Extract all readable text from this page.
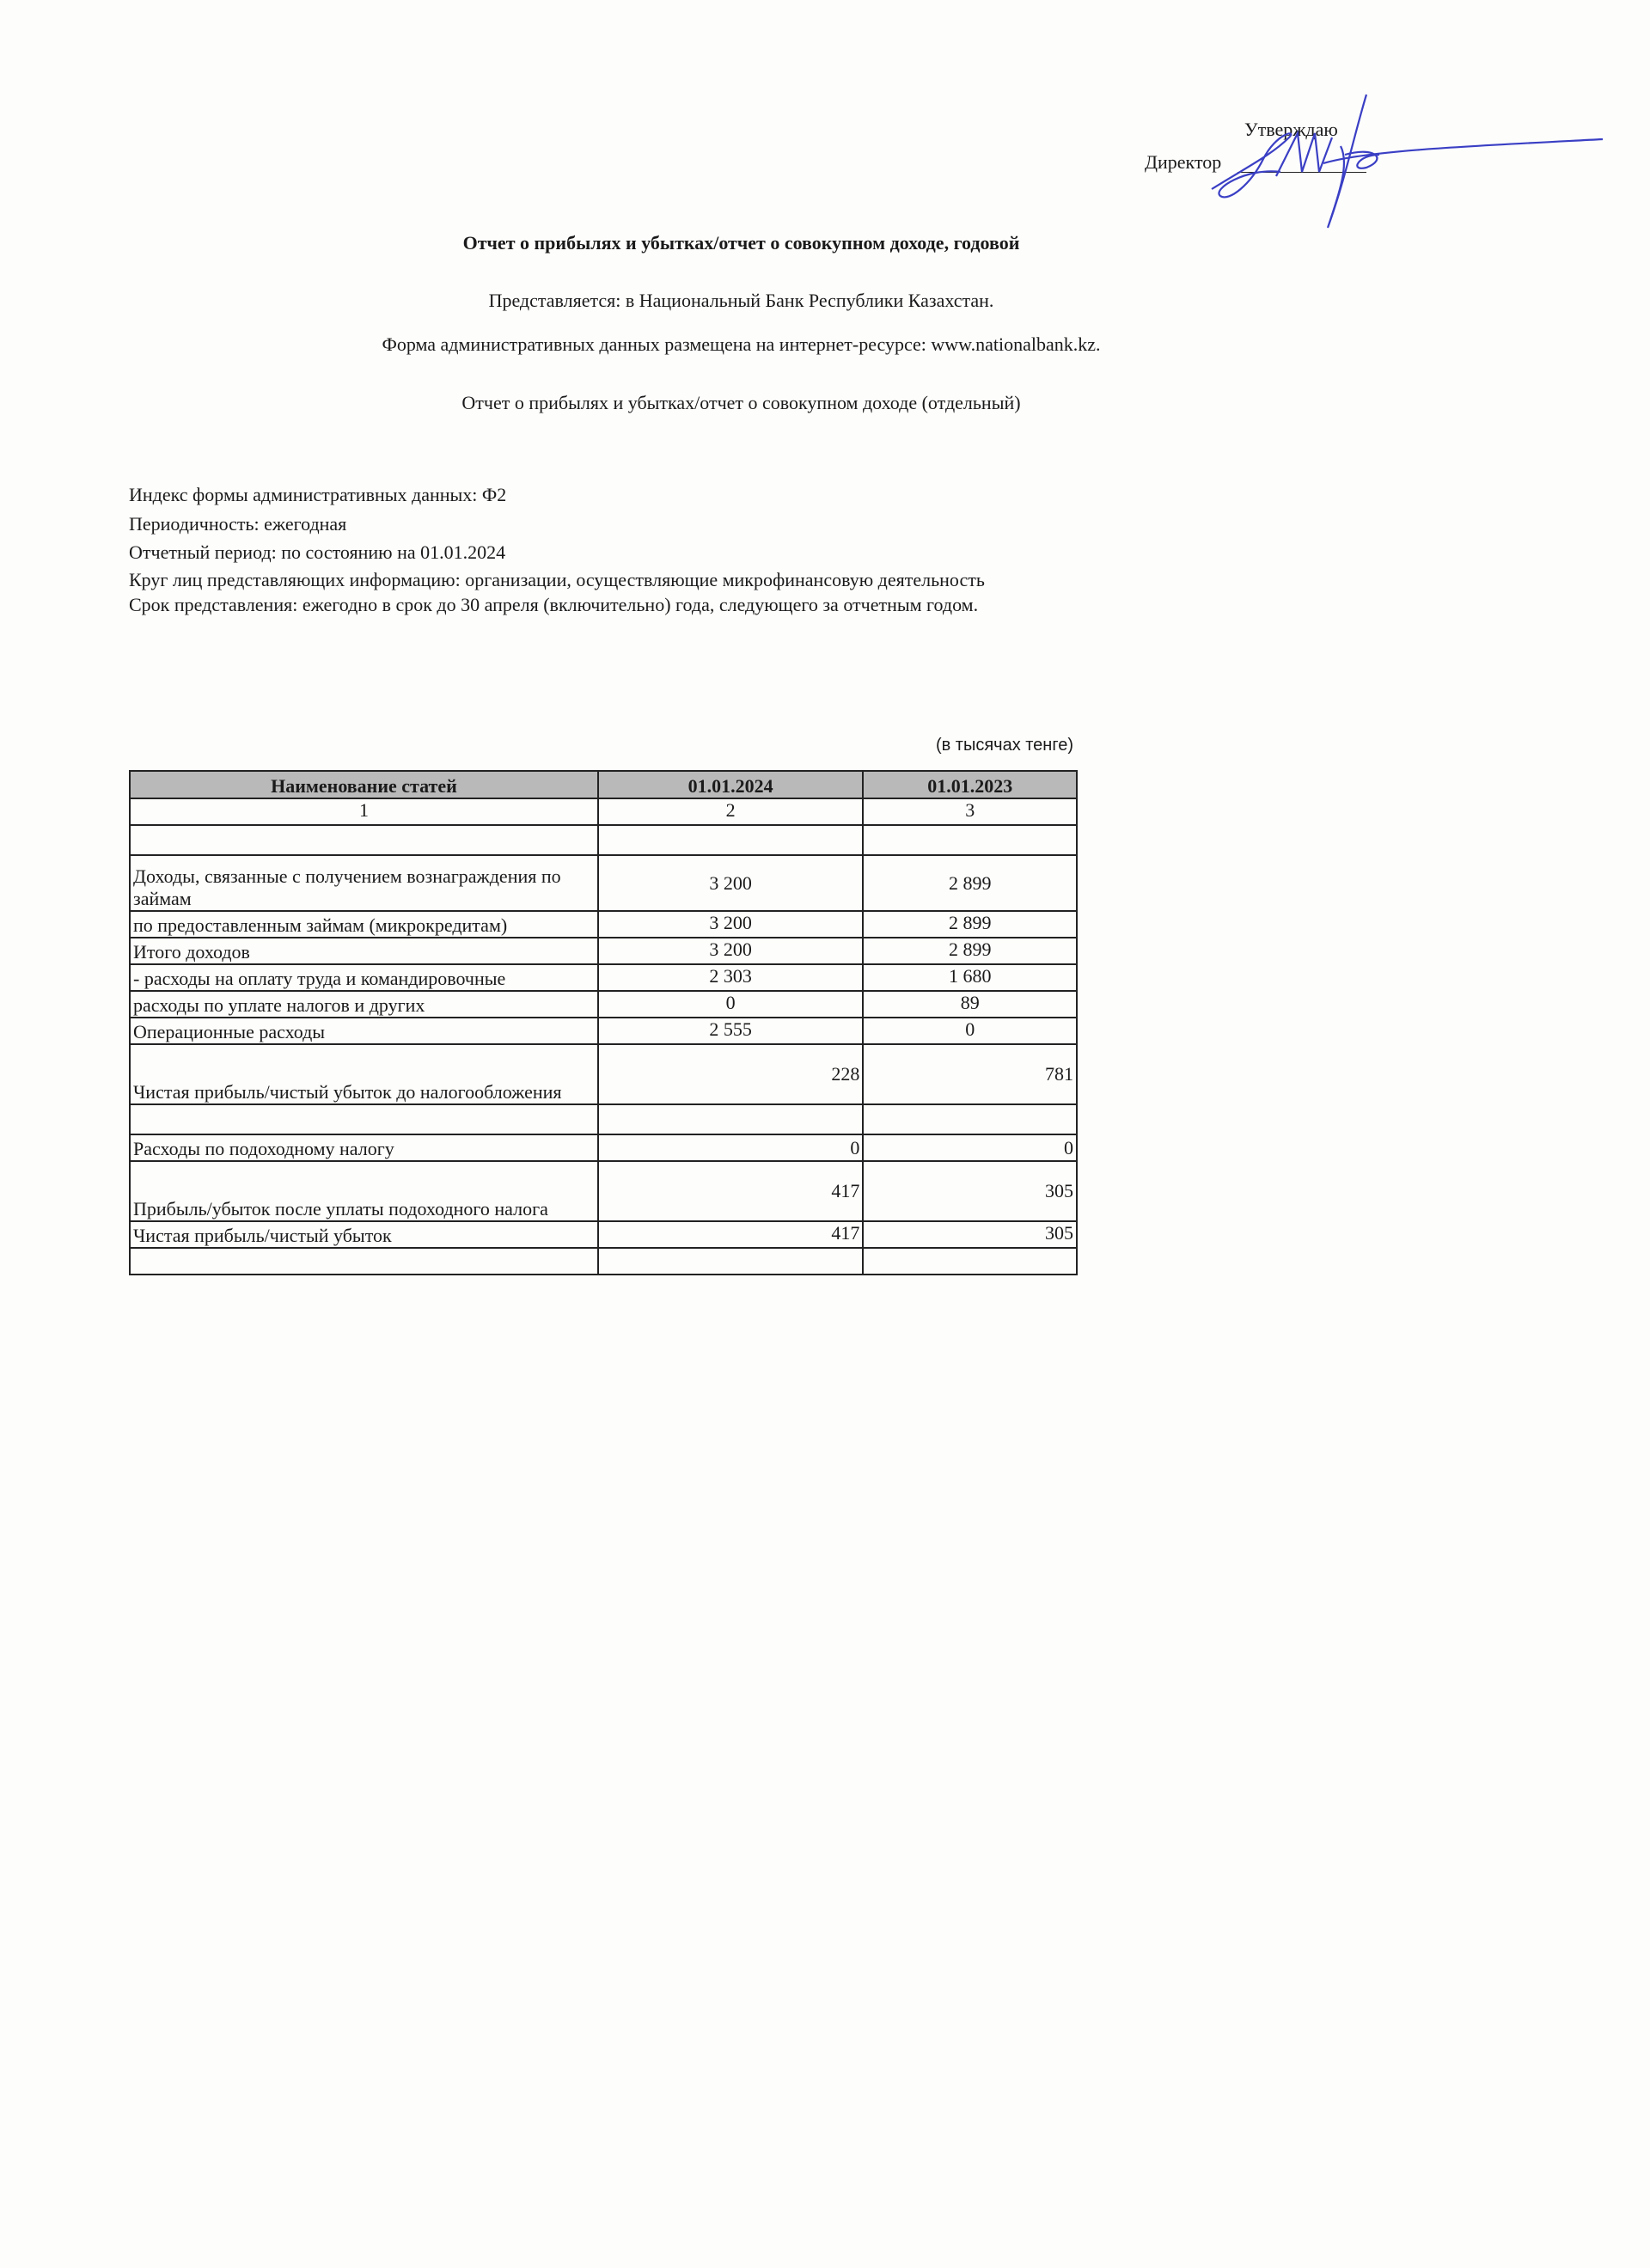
Утверждаю
Директор
Отчет о прибылях и убытках/отчет о совокупном доходе, годовой
Представляется: в Национальный Банк Республики Казахстан.
Форма административных данных размещена на интернет-ресурсе: www.nationalbank.kz.
Отчет о прибылях и убытках/отчет о совокупном доходе (отдельный)
Индекс формы административных данных: Ф2
Периодичность: ежегодная
Отчетный период: по состоянию на 01.01.2024
Круг лиц представляющих информацию: организации, осуществляющие микрофинансовую деятельность
Срок представления: ежегодно в срок до 30 апреля (включительно) года, следующего за отчетным годом.
(в тысячах тенге)
Наименование статей	01.01.2024	01.01.2023
1	2	3

Доходы, связанные с получением вознаграждения по займам	3 200	2 899
по предоставленным займам (микрокредитам)	3 200	2 899
Итого доходов	3 200	2 899
- расходы на оплату труда и командировочные	2 303	1 680
расходы по уплате налогов и других	0	89
Операционные расходы	2 555	0

Чистая прибыль/чистый убыток до налогообложения	228	781

Расходы по подоходному налогу	0	0

Прибыль/убыток после уплаты подоходного налога	417	305
Чистая прибыль/чистый убыток	417	305
